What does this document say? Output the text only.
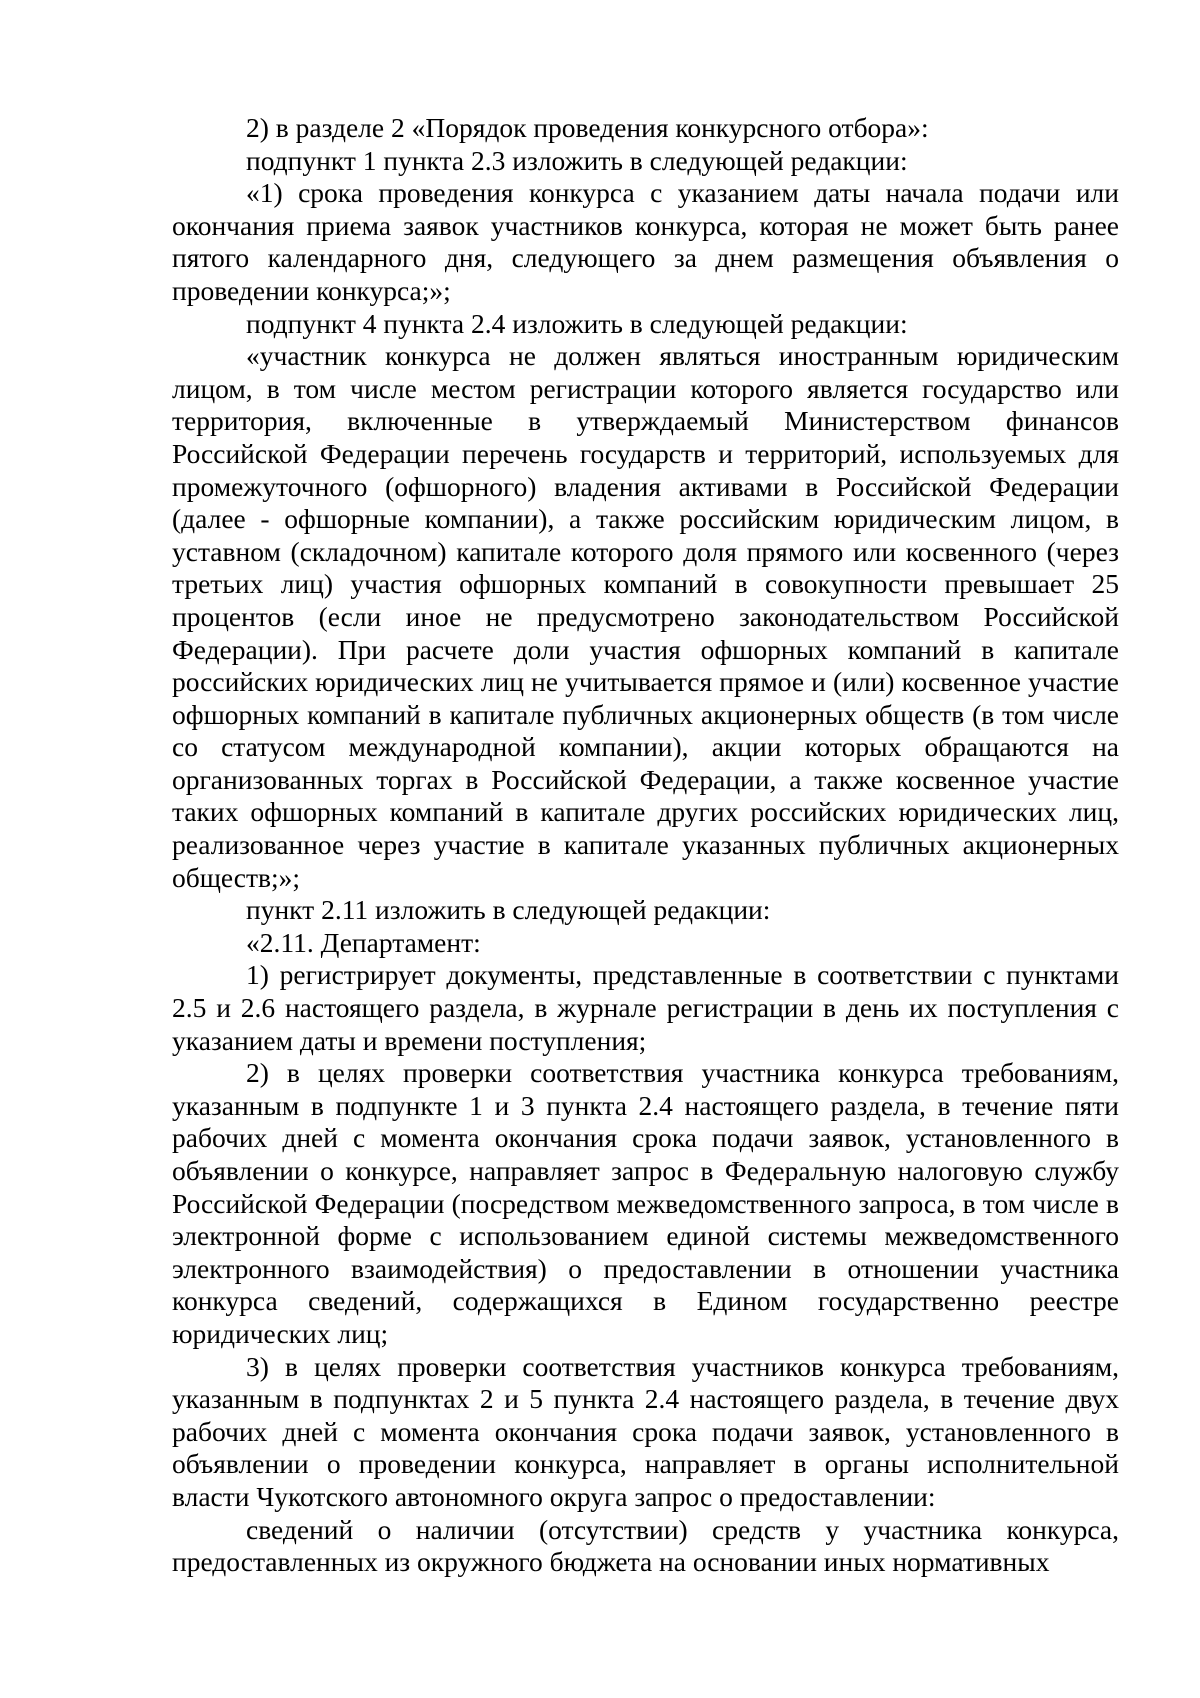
2) в разделе 2 «Порядок проведения конкурсного отбора»:

подпункт 1 пункта 2.3 изложить в следующей редакции:

«1) срока проведения конкурса с указанием даты начала подачи или окончания приема заявок участников конкурса, которая не может быть ранее пятого календарного дня, следующего за днем размещения объявления о проведении конкурса;»;

подпункт 4 пункта 2.4 изложить в следующей редакции:

«участник конкурса не должен являться иностранным юридическим лицом, в том числе местом регистрации которого является государство или территория, включенные в утверждаемый Министерством финансов Российской Федерации перечень государств и территорий, используемых для промежуточного (офшорного) владения активами в Российской Федерации (далее - офшорные компании), а также российским юридическим лицом, в уставном (складочном) капитале которого доля прямого или косвенного (через третьих лиц) участия офшорных компаний в совокупности превышает 25 процентов (если иное не предусмотрено законодательством Российской Федерации). При расчете доли участия офшорных компаний в капитале российских юридических лиц не учитывается прямое и (или) косвенное участие офшорных компаний в капитале публичных акционерных обществ (в том числе со статусом международной компании), акции которых обращаются на организованных торгах в Российской Федерации, а также косвенное участие таких офшорных компаний в капитале других российских юридических лиц, реализованное через участие в капитале указанных публичных акционерных обществ;»;

пункт 2.11 изложить в следующей редакции:

«2.11. Департамент:

1) регистрирует документы, представленные в соответствии с пунктами 2.5 и 2.6 настоящего раздела, в журнале регистрации в день их поступления с указанием даты и времени поступления;

2) в целях проверки соответствия участника конкурса требованиям, указанным в подпункте 1 и 3 пункта 2.4 настоящего раздела, в течение пяти рабочих дней с момента окончания срока подачи заявок, установленного в объявлении о конкурсе, направляет запрос в Федеральную налоговую службу Российской Федерации (посредством межведомственного запроса, в том числе в электронной форме с использованием единой системы межведомственного электронного взаимодействия) о предоставлении в отношении участника конкурса сведений, содержащихся в Едином государственно реестре юридических лиц;

3) в целях проверки соответствия участников конкурса требованиям, указанным в подпунктах 2 и 5 пункта 2.4 настоящего раздела, в течение двух рабочих дней с момента окончания срока подачи заявок, установленного в объявлении о проведении конкурса, направляет в органы исполнительной власти Чукотского автономного округа запрос о предоставлении:

сведений о наличии (отсутствии) средств у участника конкурса, предоставленных из окружного бюджета на основании иных нормативных
